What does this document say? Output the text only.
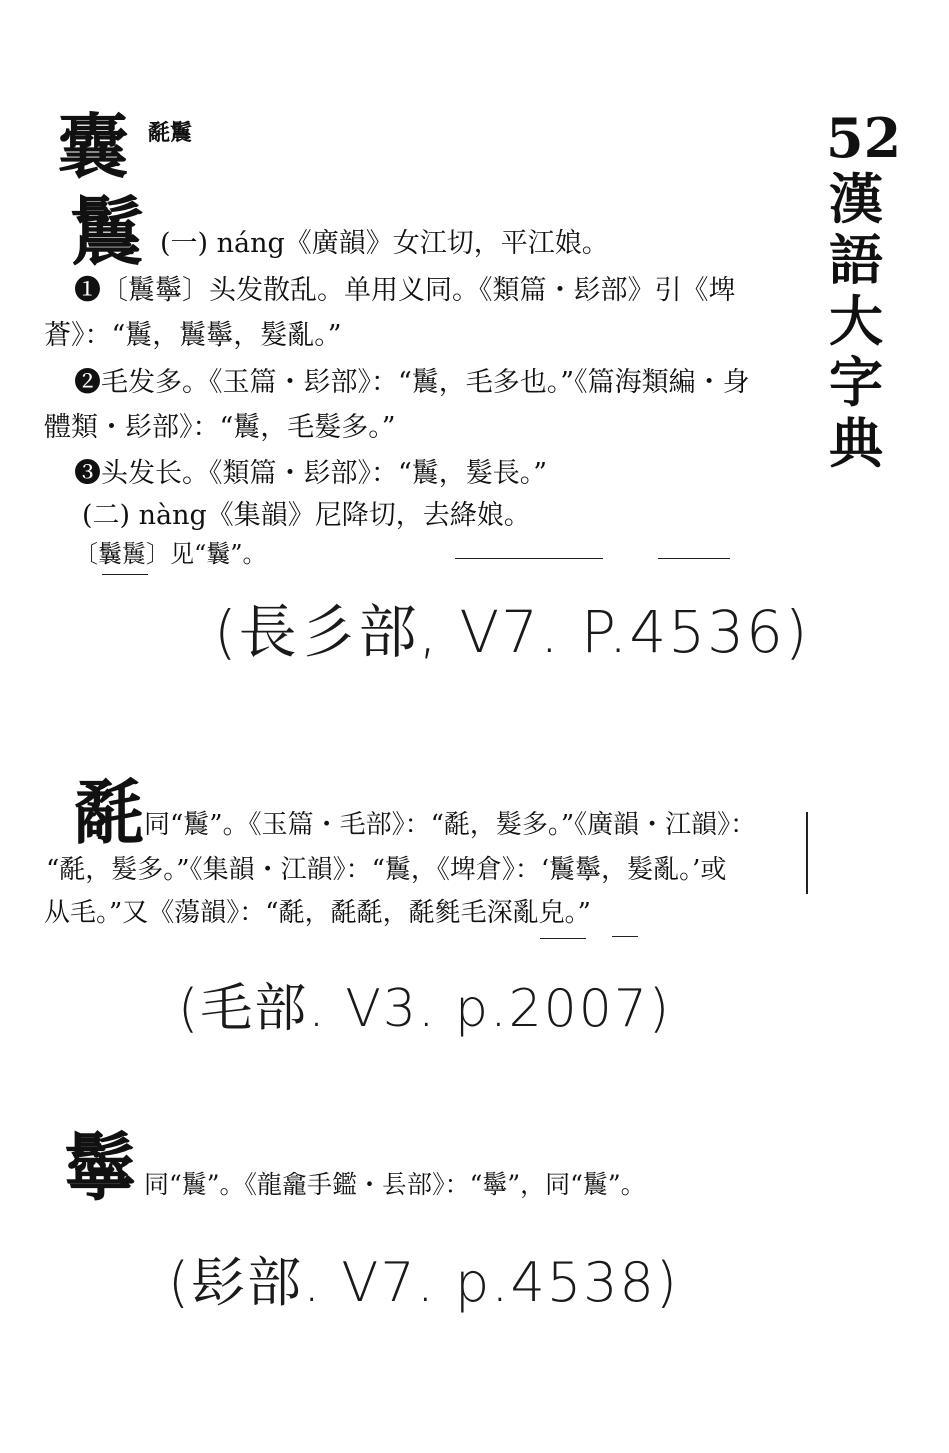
52
漢
語
大
字
典
囊 氄鬞
鬞 (一) náng《廣韻》女江切，平江娘。
❶〔鬞鬡〕头发散乱。单用义同。《類篇・髟部》引《埤
蒼》：“鬞，鬞鬡，髮亂。”
❷毛发多。《玉篇・髟部》：“鬞，毛多也。”《篇海類編・身
體類・髟部》：“鬞，毛髮多。”
❸头发长。《類篇・髟部》：“鬞，髮長。”
(二) nàng《集韻》尼降切，去絳娘。
〔鬤鬞〕见“鬤”。
(長彡部, V7. P.4536)
氄 同“鬞”。《玉篇・毛部》：“氄，髮多。”《廣韻・江韻》：
“氄，髮多。”《集韻・江韻》：“鬞，《埤倉》：‘鬞鬡，髮亂。’或
从毛。”又《蕩韻》：“氄，氄氄，氄毿毛深亂皃。”
(毛部. V3. p.2007)
鬡 同“鬞”。《龍龕手鑑・镸部》：“鬡”，同“鬞”。
(髟部. V7. p.4538)
